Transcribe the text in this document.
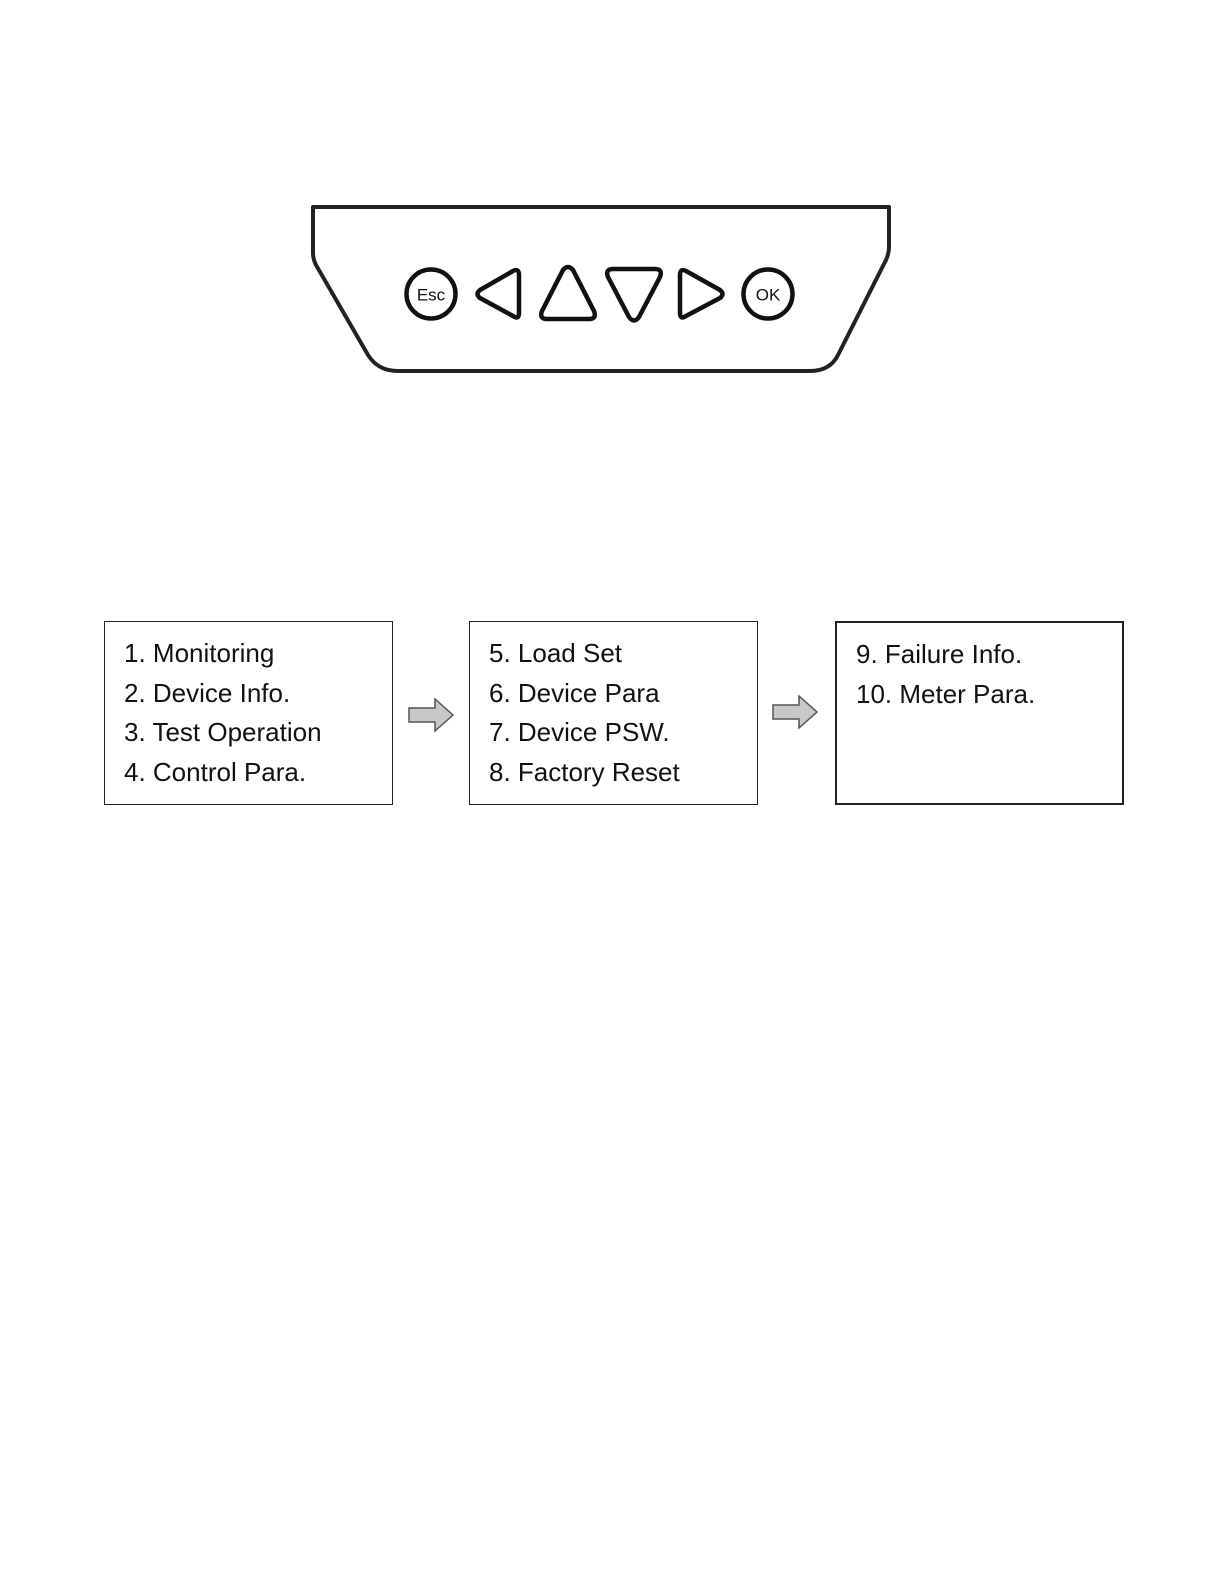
Esc	OK
1. Monitoring
2. Device Info.
3. Test Operation
4. Control Para.
5. Load Set
6. Device Para
7. Device PSW.
8. Factory Reset
9. Failure Info.
10. Meter Para.
